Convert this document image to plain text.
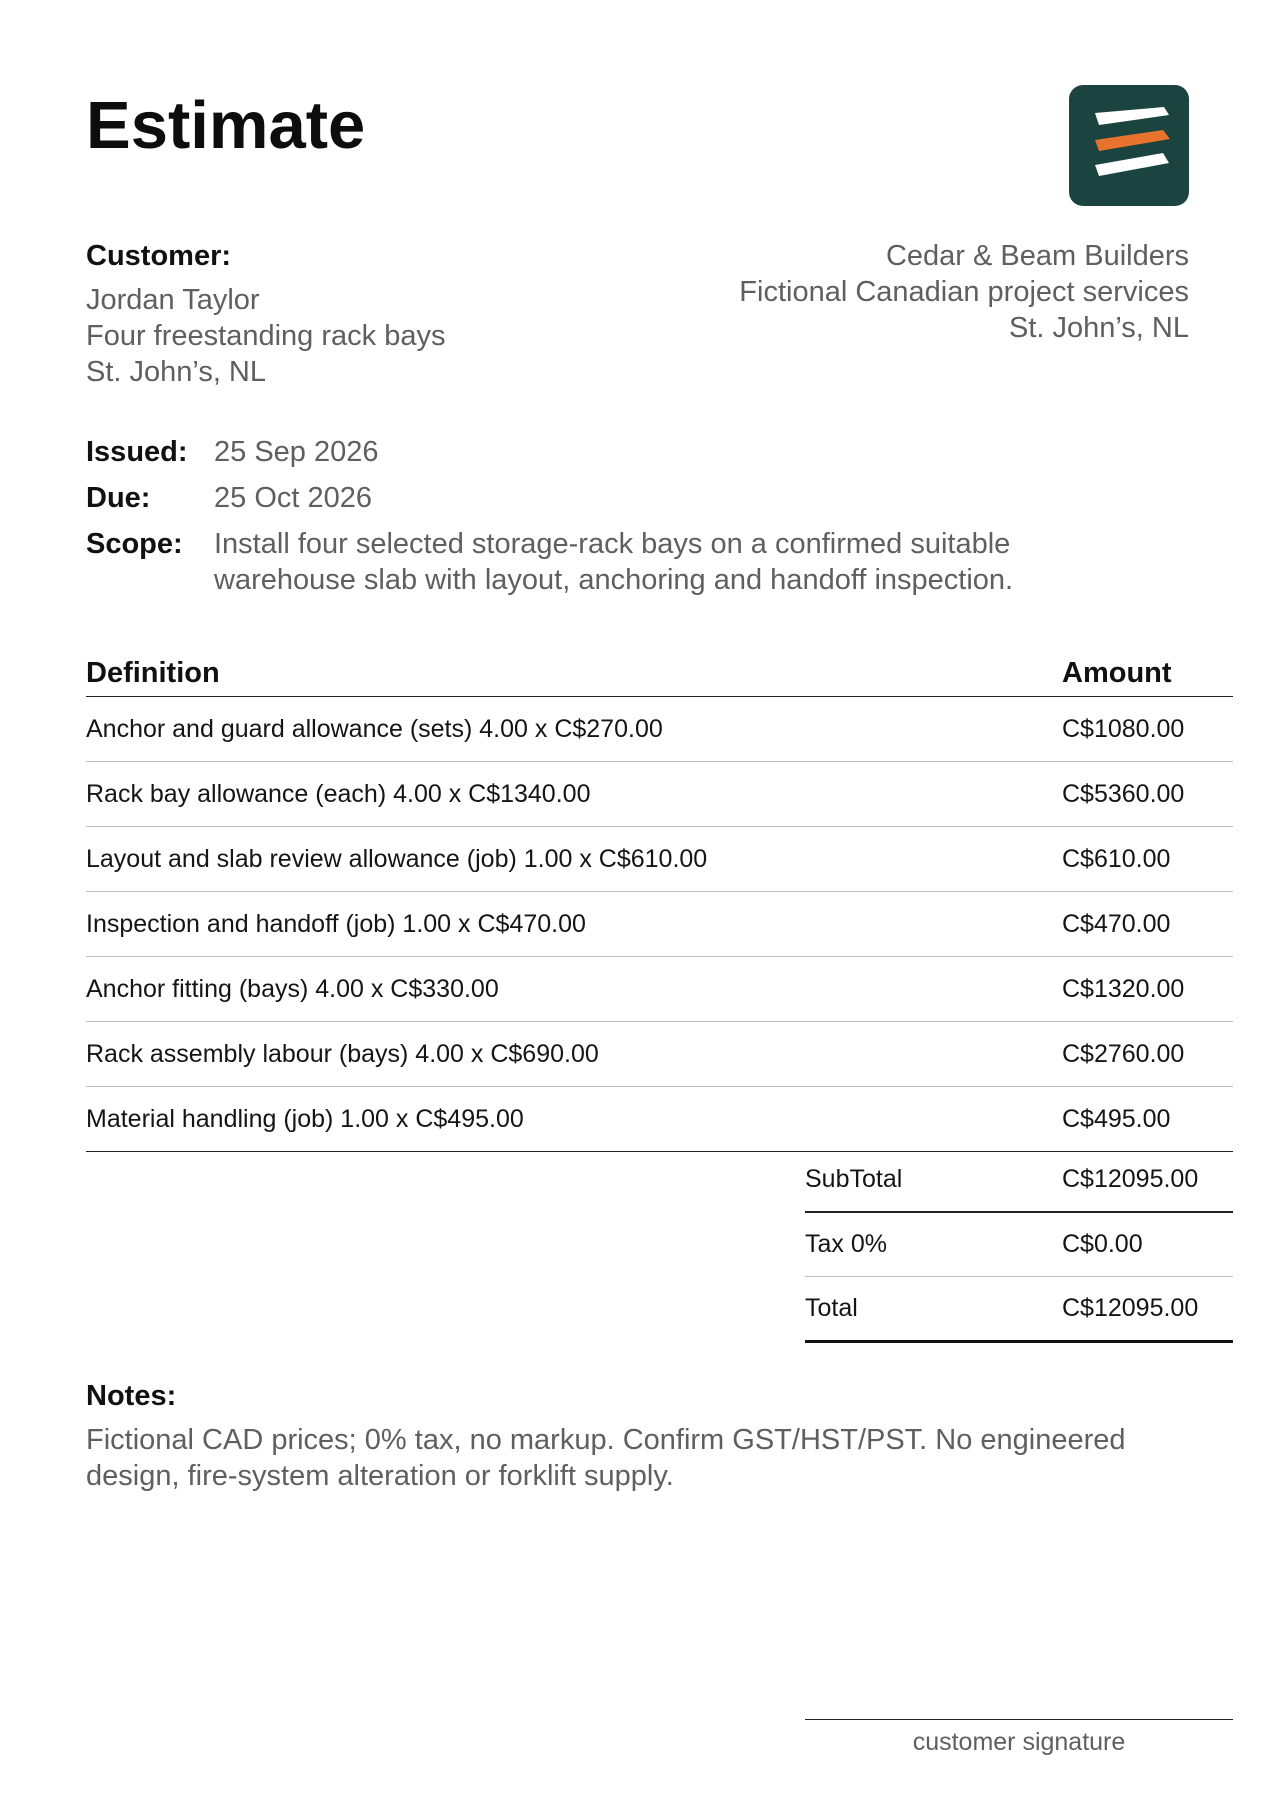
Estimate
Customer:
Jordan Taylor
Four freestanding rack bays
St. John’s, NL
Cedar & Beam Builders
Fictional Canadian project services
St. John’s, NL
Issued: 25 Sep 2026
Due:	25 Oct 2026
Scope:	Install four selected storage-rack bays on a confirmed suitable warehouse slab with layout, anchoring and handoff inspection.
Definition	Amount
Anchor and guard allowance (sets) 4.00 x C$270.00	C$1080.00
Rack bay allowance (each) 4.00 x C$1340.00	C$5360.00
Layout and slab review allowance (job) 1.00 x C$610.00	C$610.00
Inspection and handoff (job) 1.00 x C$470.00	C$470.00
Anchor fitting (bays) 4.00 x C$330.00	C$1320.00
Rack assembly labour (bays) 4.00 x C$690.00	C$2760.00
Material handling (job) 1.00 x C$495.00	C$495.00
SubTotal	C$12095.00
Tax 0%	C$0.00
Total	C$12095.00
Notes:
Fictional CAD prices; 0% tax, no markup. Confirm GST/HST/PST. No engineered design, fire-system alteration or forklift supply.
customer signature
